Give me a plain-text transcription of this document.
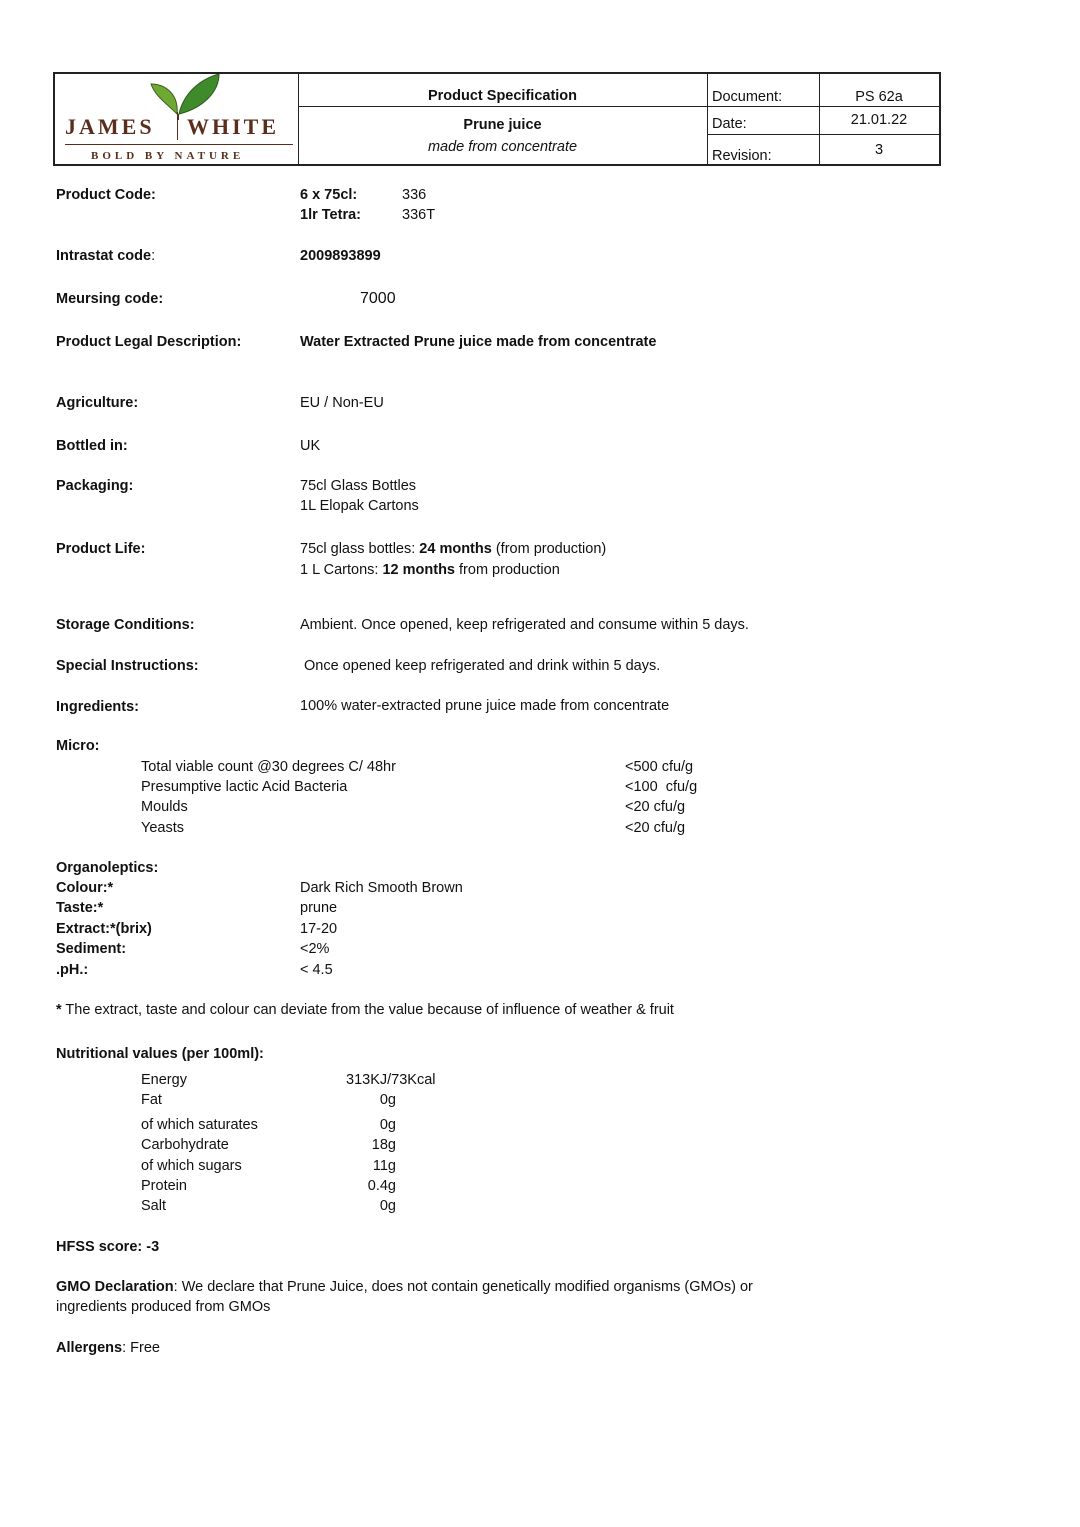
JAMES WHITE
BOLD BY NATURE
Product Specification
Prune juice
made from concentrate
Document:	PS 62a
Date:	21.01.22
Revision:	3
Product Code:	6 x 75cl:	336
1lr Tetra:	336T
Intrastat code:	2009893899
Meursing code:	7000
Product Legal Description:	Water Extracted Prune juice made from concentrate
Agriculture:	EU / Non-EU
Bottled in:	UK
Packaging:	75cl Glass Bottles
1L Elopak Cartons
Product Life:	75cl glass bottles: 24 months (from production)
1 L Cartons: 12 months from production
Storage Conditions:	Ambient. Once opened, keep refrigerated and consume within 5 days.
Special Instructions:	Once opened keep refrigerated and drink within 5 days.
Ingredients:	100% water-extracted prune juice made from concentrate
Micro:
Total viable count @30 degrees C/ 48hr	<500 cfu/g
Presumptive lactic Acid Bacteria	<100  cfu/g
Moulds	<20 cfu/g
Yeasts	<20 cfu/g
Organoleptics:
Colour:*	Dark Rich Smooth Brown
Taste:*	prune
Extract:*(brix)	17-20
Sediment:	<2%
.pH.:	< 4.5
* The extract, taste and colour can deviate from the value because of influence of weather & fruit
Nutritional values (per 100ml):
Energy	313KJ/73Kcal
Fat	0g
of which saturates	0g
Carbohydrate	18g
of which sugars	11g
Protein	0.4g
Salt	0g
HFSS score: -3
GMO Declaration: We declare that Prune Juice, does not contain genetically modified organisms (GMOs) or
ingredients produced from GMOs
Allergens: Free
